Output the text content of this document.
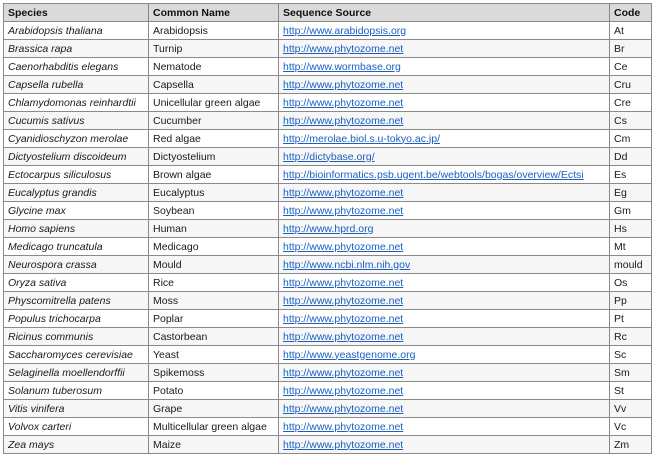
Species	Common Name	Sequence Source	Code
Arabidopsis thaliana	Arabidopsis	http://www.arabidopsis.org	At
Brassica rapa	Turnip	http://www.phytozome.net	Br
Caenorhabditis elegans	Nematode	http://www.wormbase.org	Ce
Capsella rubella	Capsella	http://www.phytozome.net	Cru
Chlamydomonas reinhardtii	Unicellular green algae	http://www.phytozome.net	Cre
Cucumis sativus	Cucumber	http://www.phytozome.net	Cs
Cyanidioschyzon merolae	Red algae	http://merolae.biol.s.u-tokyo.ac.jp/	Cm
Dictyostelium discoideum	Dictyostelium	http://dictybase.org/	Dd
Ectocarpus siliculosus	Brown algae	http://bioinformatics.psb.ugent.be/webtools/bogas/overview/Ectsi	Es
Eucalyptus grandis	Eucalyptus	http://www.phytozome.net	Eg
Glycine max	Soybean	http://www.phytozome.net	Gm
Homo sapiens	Human	http://www.hprd.org	Hs
Medicago truncatula	Medicago	http://www.phytozome.net	Mt
Neurospora crassa	Mould	http://www.ncbi.nlm.nih.gov	mould
Oryza sativa	Rice	http://www.phytozome.net	Os
Physcomitrella patens	Moss	http://www.phytozome.net	Pp
Populus trichocarpa	Poplar	http://www.phytozome.net	Pt
Ricinus communis	Castorbean	http://www.phytozome.net	Rc
Saccharomyces cerevisiae	Yeast	http://www.yeastgenome.org	Sc
Selaginella moellendorffii	Spikemoss	http://www.phytozome.net	Sm
Solanum tuberosum	Potato	http://www.phytozome.net	St
Vitis vinifera	Grape	http://www.phytozome.net	Vv
Volvox carteri	Multicellular green algae	http://www.phytozome.net	Vc
Zea mays	Maize	http://www.phytozome.net	Zm
